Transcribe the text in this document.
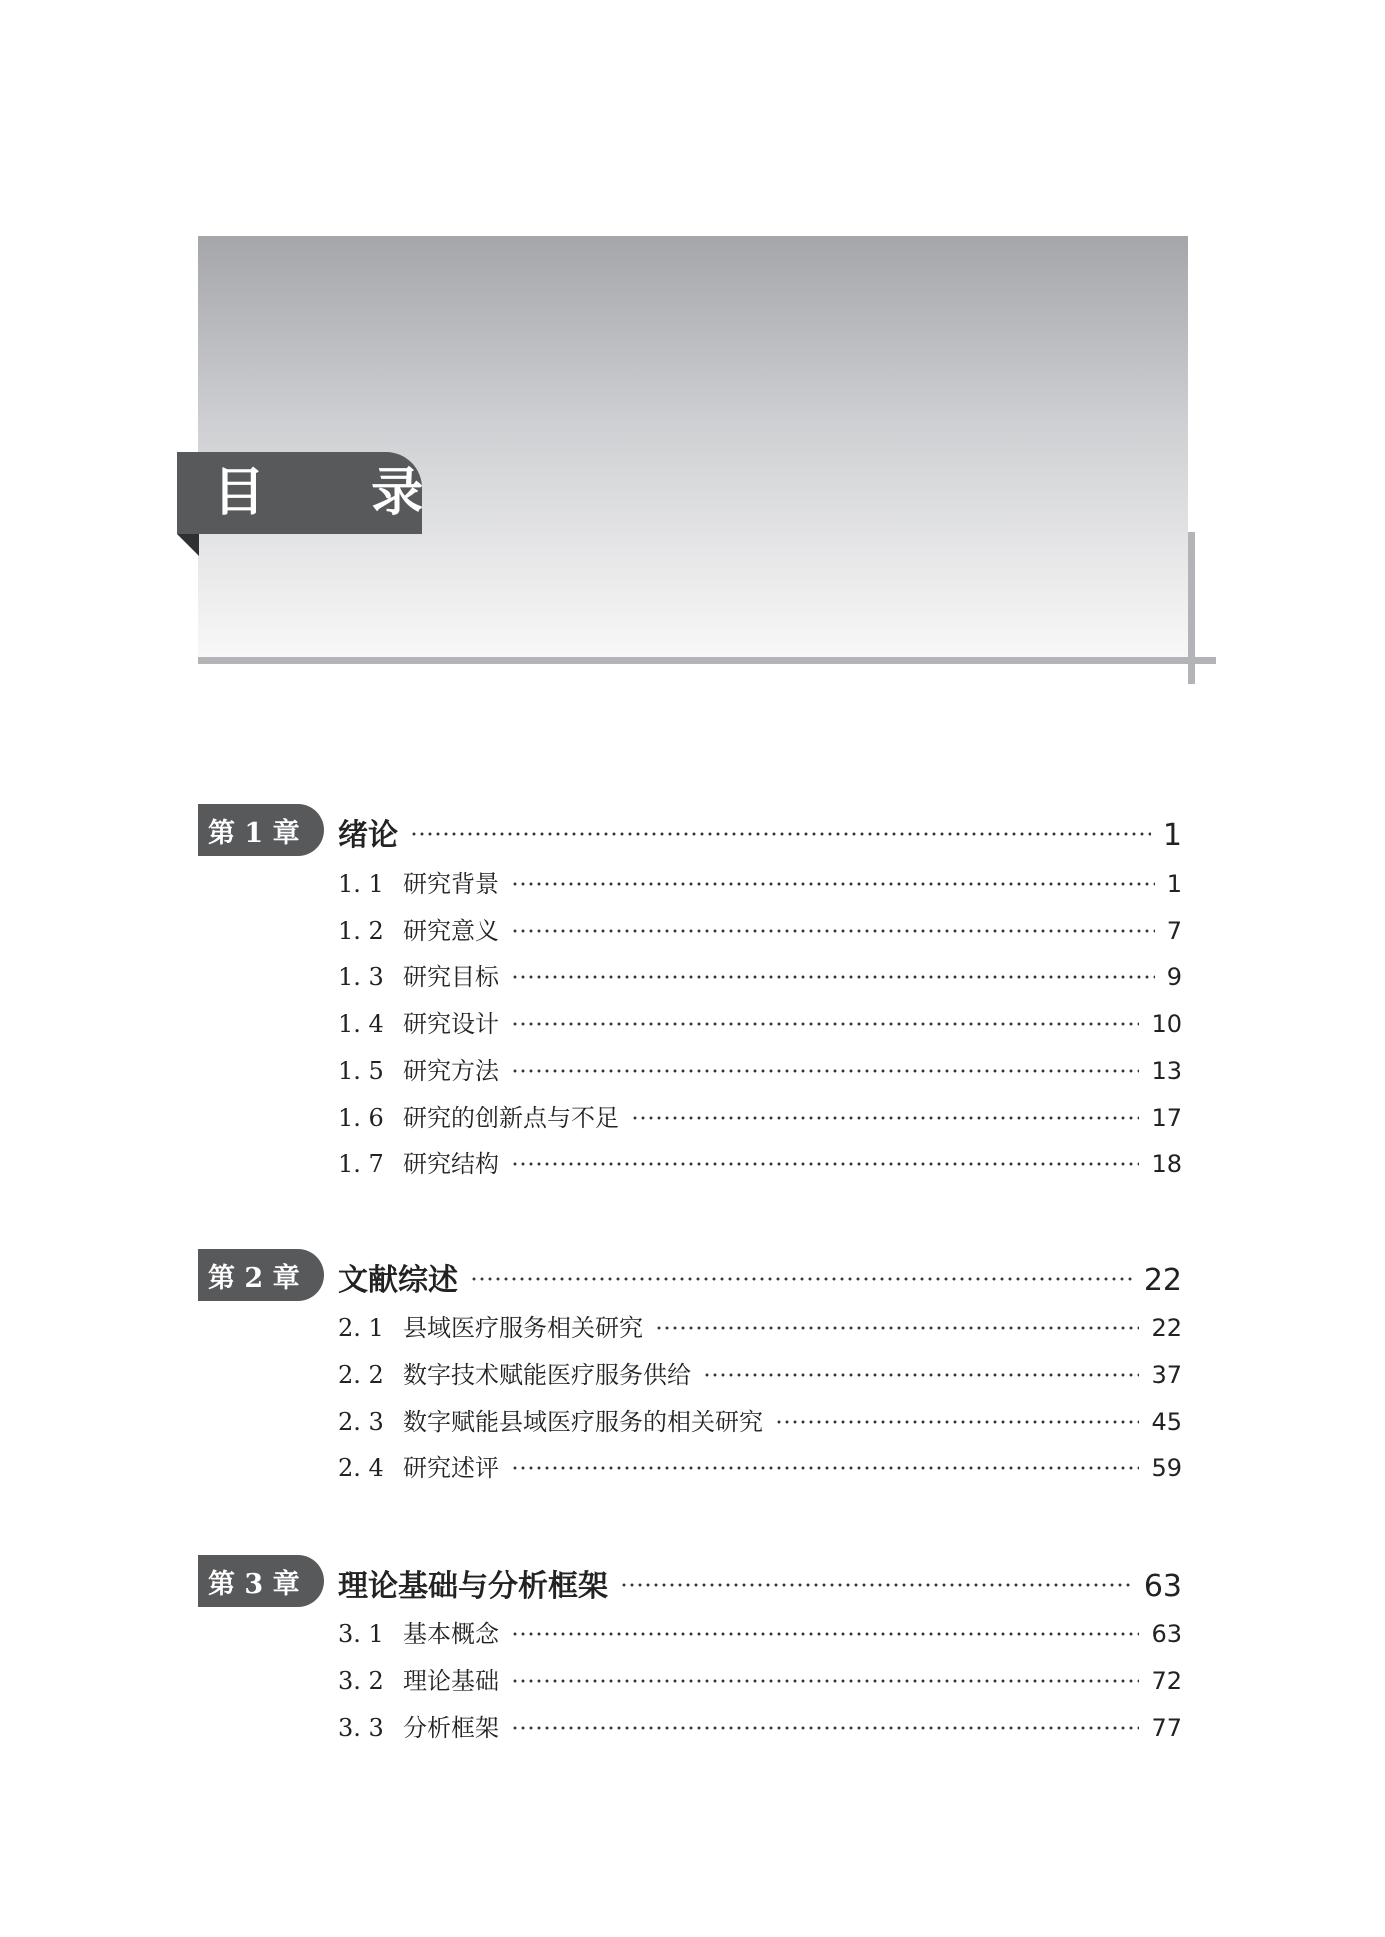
目 录
第 1 章	绪论	1
1. 1 研究背景	1
1. 2 研究意义	7
1. 3 研究目标	9
1. 4 研究设计	10
1. 5 研究方法	13
1. 6 研究的创新点与不足	17
1. 7 研究结构	18
第 2 章	文献综述	22
2. 1 县域医疗服务相关研究	22
2. 2 数字技术赋能医疗服务供给	37
2. 3 数字赋能县域医疗服务的相关研究	45
2. 4 研究述评	59
第 3 章	理论基础与分析框架	63
3. 1 基本概念	63
3. 2 理论基础	72
3. 3 分析框架	77
